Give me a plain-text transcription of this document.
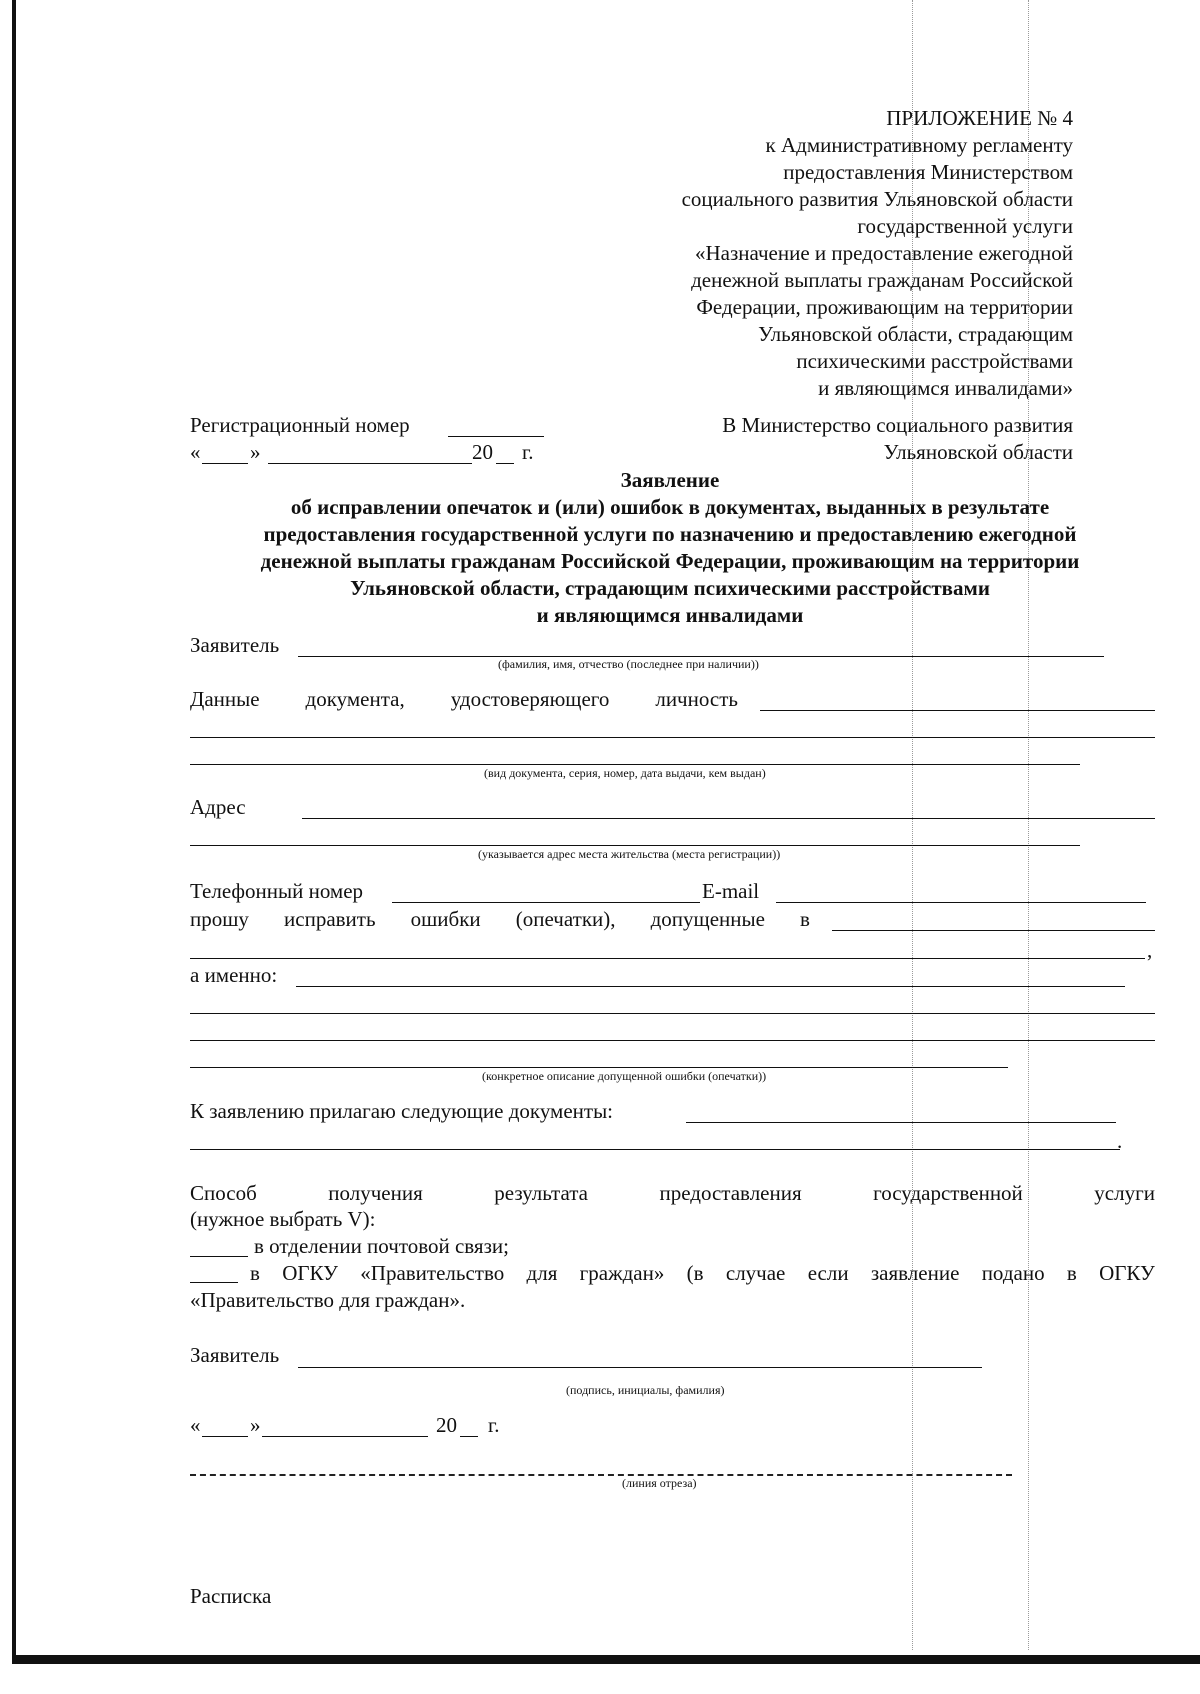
ПРИЛОЖЕНИЕ № 4
к Административному регламенту
предоставления Министерством
социального развития Ульяновской области
государственной услуги
«Назначение и предоставление ежегодной
денежной выплаты гражданам Российской
Федерации, проживающим на территории
Ульяновской области, страдающим
психическими расстройствами
и являющимся инвалидами»
Регистрационный номер
« »	20 г.
В Министерство социального развития
Ульяновской области
Заявление
об исправлении опечаток и (или) ошибок в документах, выданных в результате
предоставления государственной услуги по назначению и предоставлению ежегодной
денежной выплаты гражданам Российской Федерации, проживающим на территории
Ульяновской области, страдающим психическими расстройствами
и являющимся инвалидами
Заявитель
(фамилия, имя, отчество (последнее при наличии))
Данные документа, удостоверяющего личность
(вид документа, серия, номер, дата выдачи, кем выдан)
Адрес
(указывается адрес места жительства (места регистрации))
Телефонный номер	E-mail
прошу исправить ошибки (опечатки), допущенные в
,
а именно:
(конкретное описание допущенной ошибки (опечатки))
К заявлению прилагаю следующие документы:
.
Способ	получения	результата	предоставления	государственной	услуги
(нужное выбрать V):
в отделении почтовой связи;
в ОГКУ «Правительство для граждан» (в случае если заявление подано в ОГКУ
«Правительство для граждан».
Заявитель
(подпись, инициалы, фамилия)
« »	20 г.
(линия отреза)
Расписка
